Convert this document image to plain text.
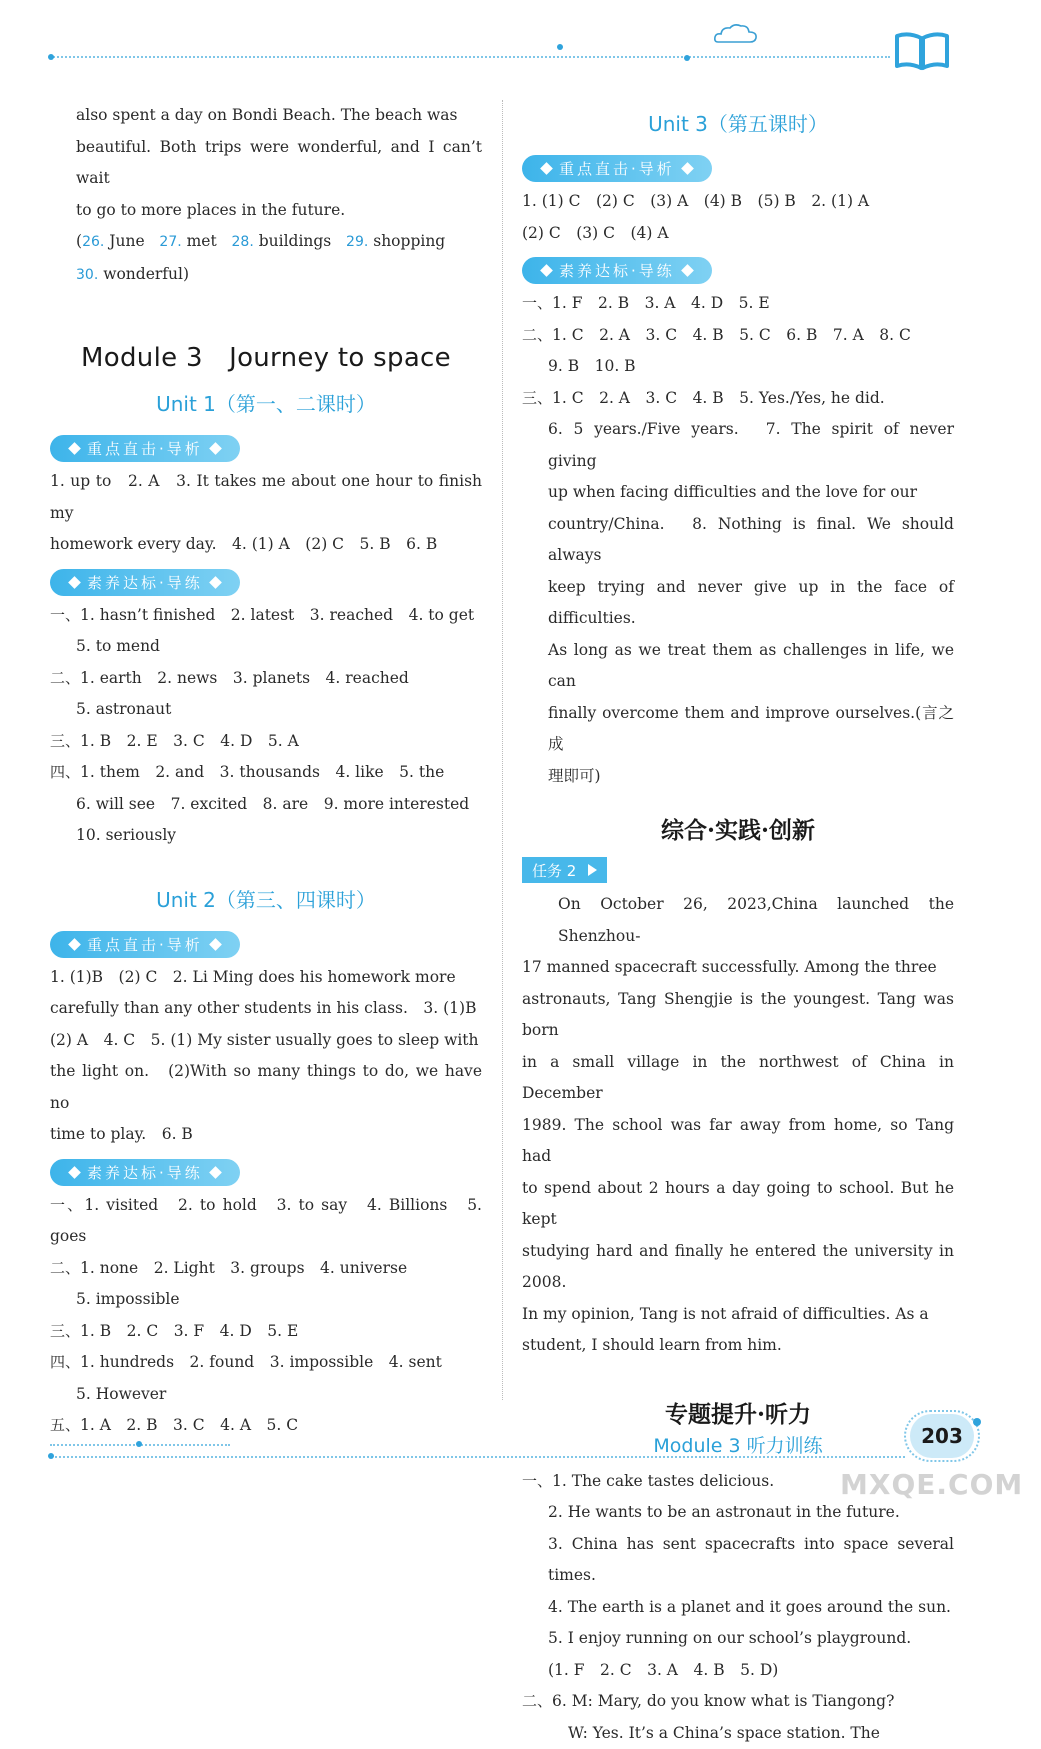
also spent a day on Bondi Beach. The beach was
beautiful. Both trips were wonderful, and I can’t wait
to go to more places in the future.
(26. June 27. met 28. buildings 29. shopping
30. wonderful)
Module 3　Journey to space
Unit 1（第一、二课时）
重点直击·导析
1. up to　2. A　3. It takes me about one hour to finish my
homework every day.　4. (1) A　(2) C　5. B　6. B
素养达标·导练
一、1. hasn’t finished　2. latest　3. reached　4. to get
5. to mend
二、1. earth　2. news　3. planets　4. reached
5. astronaut
三、1. B　2. E　3. C　4. D　5. A
四、1. them　2. and　3. thousands　4. like　5. the
6. will see　7. excited　8. are　9. more interested
10. seriously
Unit 2（第三、四课时）
重点直击·导析
1. (1)B　(2) C　2. Li Ming does his homework more
carefully than any other students in his class.　3. (1)B
(2) A　4. C　5. (1) My sister usually goes to sleep with
the light on.　(2)With so many things to do, we have no
time to play.　6. B
素养达标·导练
一、1. visited　2. to hold　3. to say　4. Billions　5. goes
二、1. none　2. Light　3. groups　4. universe
5. impossible
三、1. B　2. C　3. F　4. D　5. E
四、1. hundreds　2. found　3. impossible　4. sent
5. However
五、1. A　2. B　3. C　4. A　5. C
Unit 3（第五课时）
重点直击·导析
1. (1) C　(2) C　(3) A　(4) B　(5) B　2. (1) A
(2) C　(3) C　(4) A
素养达标·导练
一、1. F　2. B　3. A　4. D　5. E
二、1. C　2. A　3. C　4. B　5. C　6. B　7. A　8. C
9. B　10. B
三、1. C　2. A　3. C　4. B　5. Yes./Yes, he did.
6. 5 years./Five years.　7. The spirit of never giving
up when facing difficulties and the love for our
country/China.　8. Nothing is final. We should always
keep trying and never give up in the face of difficulties.
As long as we treat them as challenges in life, we can
finally overcome them and improve ourselves.(言之成
理即可)
综合·实践·创新
任务 2
On October 26, 2023,China launched the Shenzhou-
17 manned spacecraft successfully. Among the three
astronauts, Tang Shengjie is the youngest. Tang was born
in a small village in the northwest of China in December
1989. The school was far away from home, so Tang had
to spend about 2 hours a day going to school. But he kept
studying hard and finally he entered the university in 2008.
In my opinion, Tang is not afraid of difficulties. As a
student, I should learn from him.
专题提升·听力
Module 3 听力训练
一、1. The cake tastes delicious.
2. He wants to be an astronaut in the future.
3. China has sent spacecrafts into space several times.
4. The earth is a planet and it goes around the sun.
5. I enjoy running on our school’s playground.
(1. F　2. C　3. A　4. B　5. D)
二、6. M: Mary, do you know what is Tiangong?
W: Yes. It’s a China’s space station. The
203
MXQE.COM
